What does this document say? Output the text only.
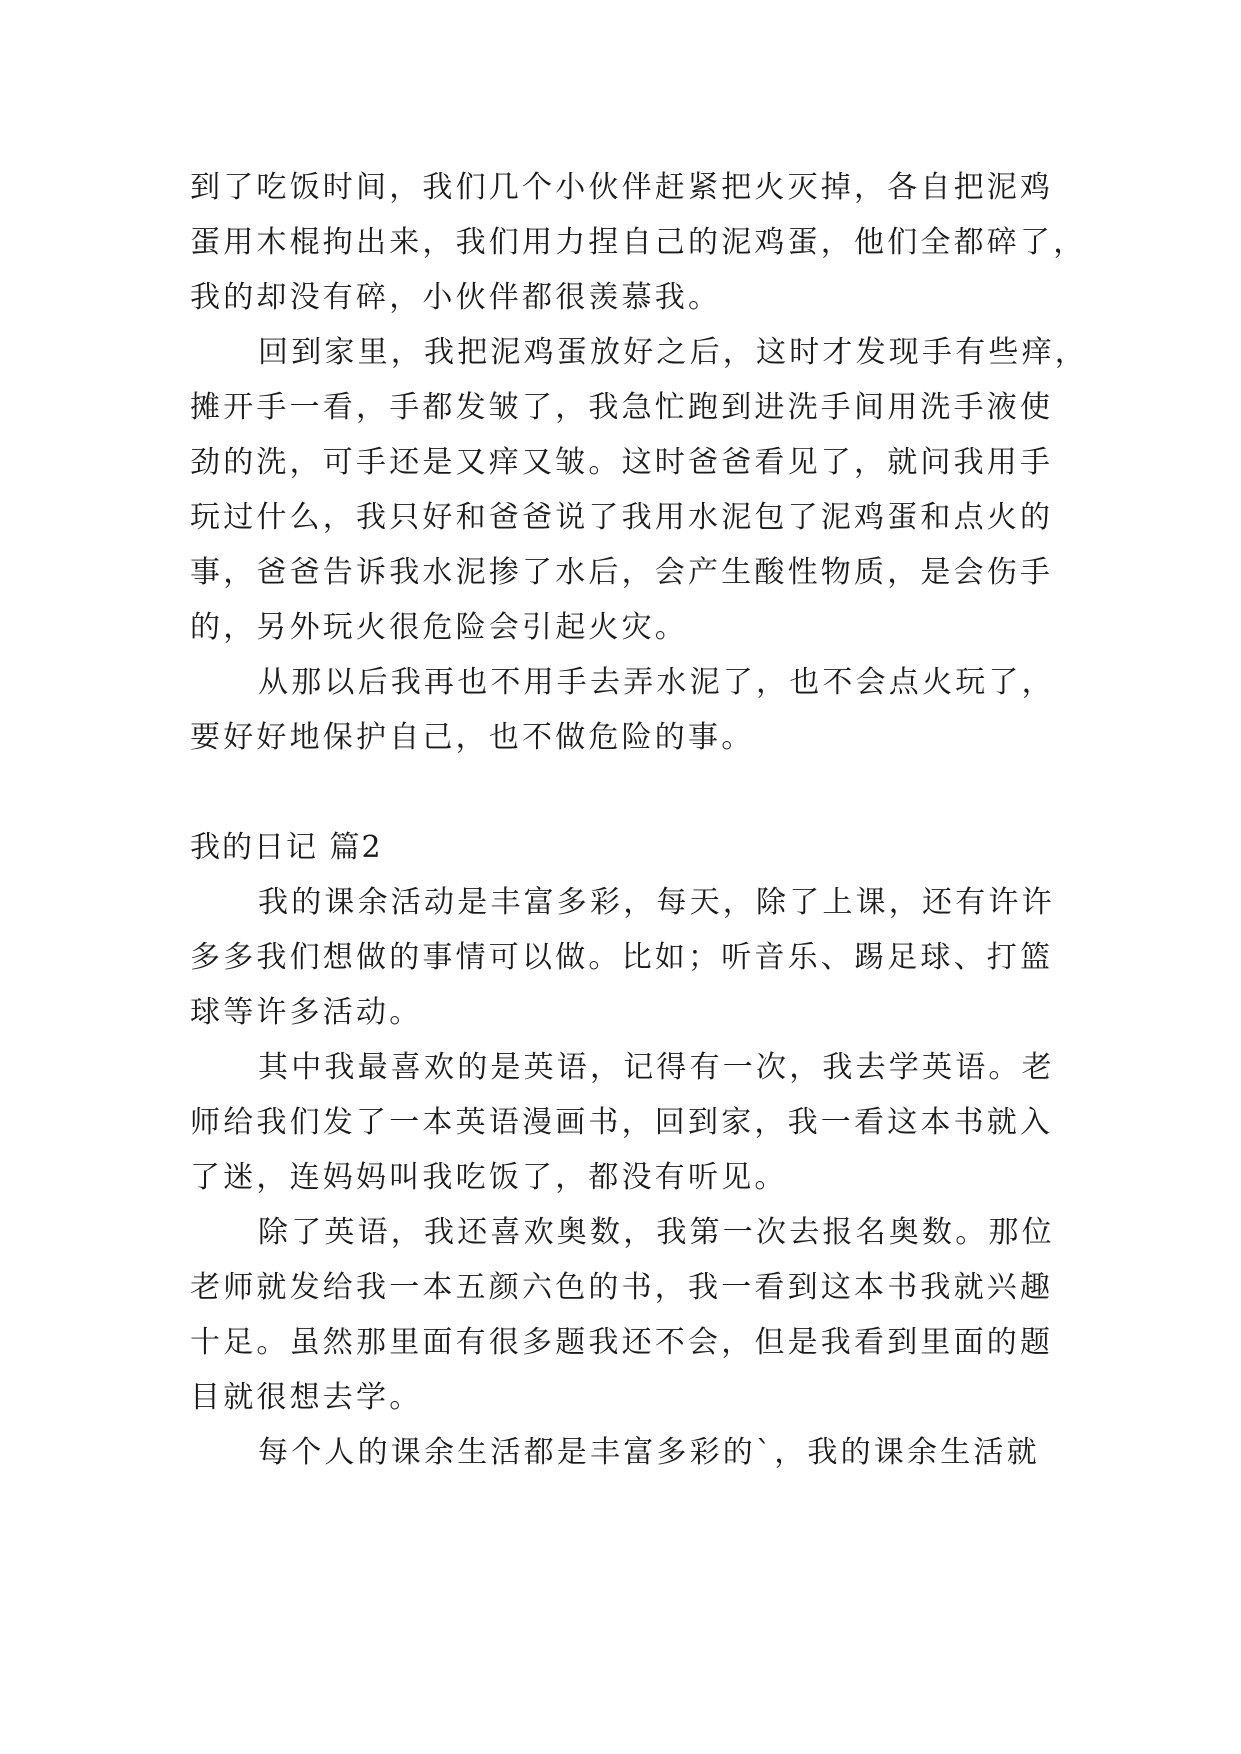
到了吃饭时间，我们几个小伙伴赶紧把火灭掉，各自把泥鸡
蛋用木棍拘出来，我们用力捏自己的泥鸡蛋，他们全都碎了，
我的却没有碎，小伙伴都很羡慕我。
回到家里，我把泥鸡蛋放好之后，这时才发现手有些痒，
摊开手一看，手都发皱了，我急忙跑到进洗手间用洗手液使
劲的洗，可手还是又痒又皱。这时爸爸看见了，就问我用手
玩过什么，我只好和爸爸说了我用水泥包了泥鸡蛋和点火的
事，爸爸告诉我水泥掺了水后，会产生酸性物质，是会伤手
的，另外玩火很危险会引起火灾。
从那以后我再也不用手去弄水泥了，也不会点火玩了，
要好好地保护自己，也不做危险的事。
我的日记 篇2
我的课余活动是丰富多彩，每天，除了上课，还有许许
多多我们想做的事情可以做。比如；听音乐、踢足球、打篮
球等许多活动。
其中我最喜欢的是英语，记得有一次，我去学英语。老
师给我们发了一本英语漫画书，回到家，我一看这本书就入
了迷，连妈妈叫我吃饭了，都没有听见。
除了英语，我还喜欢奥数，我第一次去报名奥数。那位
老师就发给我一本五颜六色的书，我一看到这本书我就兴趣
十足。虽然那里面有很多题我还不会，但是我看到里面的题
目就很想去学。
每个人的课余生活都是丰富多彩的`，我的课余生活就
